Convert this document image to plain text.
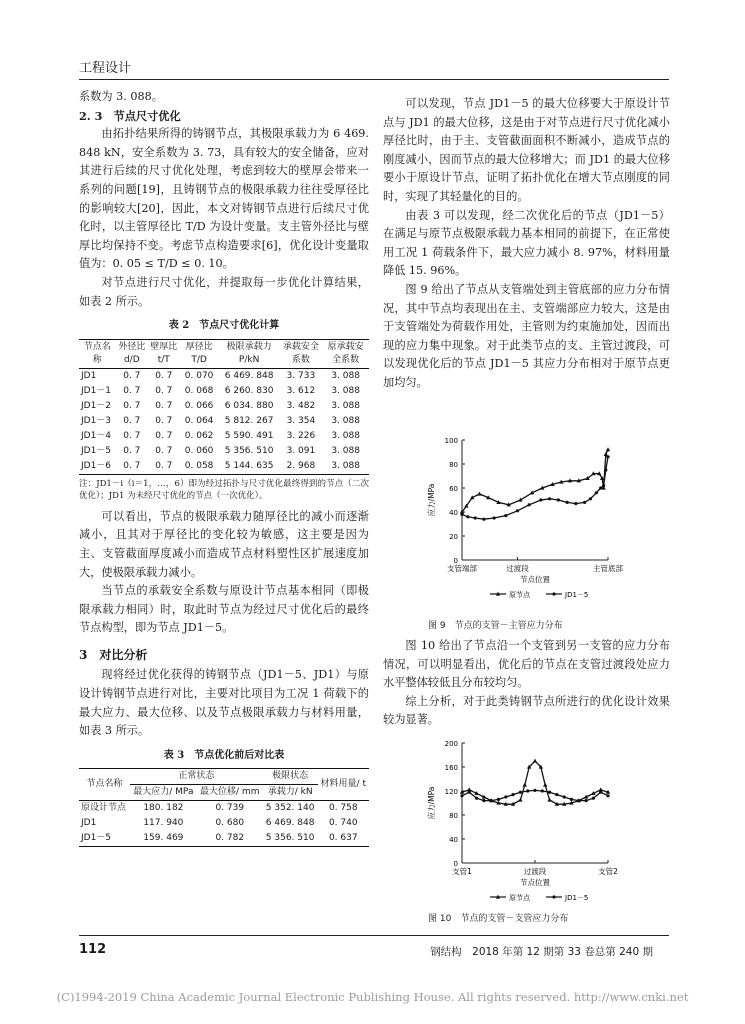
工程设计

系数为 3. 088。

2. 3　节点尺寸优化

由拓扑结果所得的铸钢节点，其极限承载力为 6 469. 848 kN，安全系数为 3. 73，具有较大的安全储备，应对其进行后续的尺寸优化处理，考虑到较大的壁厚会带来一系列的问题[19]，且铸钢节点的极限承载力往往受厚径比的影响较大[20]，因此，本文对铸钢节点进行后续尺寸优化时，以主管厚径比 T/D 为设计变量。支主管外径比与壁厚比均保持不变。考虑节点构造要求[6]，优化设计变量取值为：0. 05 ≤ T/D ≤ 0. 10。

对节点进行尺寸优化，并提取每一步优化计算结果，如表 2 所示。

表 2　节点尺寸优化计算

节点名称	外径比 d/D	壁厚比 t/T	厚径比 T/D	极限承载力 P/kN	承载安全系数	原承载安全系数
JD1	0. 7	0. 7	0. 070	6 469. 848	3. 733	3. 088
JD1－1	0. 7	0. 7	0. 068	6 260. 830	3. 612	3. 088
JD1－2	0. 7	0. 7	0. 066	6 034. 880	3. 482	3. 088
JD1－3	0. 7	0. 7	0. 064	5 812. 267	3. 354	3. 088
JD1－4	0. 7	0. 7	0. 062	5 590. 491	3. 226	3. 088
JD1－5	0. 7	0. 7	0. 060	5 356. 510	3. 091	3. 088
JD1－6	0. 7	0. 7	0. 058	5 144. 635	2. 968	3. 088

注：JD1－i（i＝1，…，6）即为经过拓扑与尺寸优化最终得到的节点（二次优化）；JD1 为未经尺寸优化的节点（一次优化）。

可以看出，节点的极限承载力随厚径比的减小而逐渐减小，且其对于厚径比的变化较为敏感，这主要是因为主、支管截面厚度减小而造成节点材料塑性区扩展速度加大，使极限承载力减小。

当节点的承载安全系数与原设计节点基本相同（即极限承载力相同）时，取此时节点为经过尺寸优化后的最终节点构型，即为节点 JD1－5。

3　对比分析

现将经过优化获得的铸钢节点（JD1－5、JD1）与原设计铸钢节点进行对比，主要对比项目为工况 1 荷载下的最大应力、最大位移、以及节点极限承载力与材料用量，如表 3 所示。

表 3　节点优化前后对比表

节点名称	正常状态		极限状态	材料用量/ t
	最大应力/ MPa	最大位移/ mm	承载力/ kN	
原设计节点	180. 182	0. 739	5 352. 140	0. 758
JD1	117. 940	0. 680	6 469. 848	0. 740
JD1－5	159. 469	0. 782	5 356. 510	0. 637

可以发现，节点 JD1－5 的最大位移要大于原设计节点与 JD1 的最大位移，这是由于对节点进行尺寸优化减小厚径比时，由于主、支管截面面积不断减小，造成节点的刚度减小，因而节点的最大位移增大；而 JD1 的最大位移要小于原设计节点，证明了拓扑优化在增大节点刚度的同时，实现了其轻量化的目的。

由表 3 可以发现，经二次优化后的节点（JD1－5）在满足与原节点极限承载力基本相同的前提下，在正常使用工况 1 荷载条件下，最大应力减小 8. 97%，材料用量降低 15. 96%。

图 9 给出了节点从支管端处到主管底部的应力分布情况，其中节点均表现出在主、支管端部应力较大，这是由于支管端处为荷载作用处，主管则为约束施加处，因而出现的应力集中现象。对于此类节点的支、主管过渡段，可以发现优化后的节点 JD1－5 其应力分布相对于原节点更加均匀。

0
20
40
60
80
100
支管端部	过渡段	主管底部
节点位置
应力/MPa
原节点	JD1－5
图 9　节点的支管－主管应力分布

图 10 给出了节点沿一个支管到另一支管的应力分布情况，可以明显看出，优化后的节点在支管过渡段处应力水平整体较低且分布较均匀。

综上分析，对于此类铸钢节点所进行的优化设计效果较为显著。

0
40
80
120
160
200
支管1	过渡段	支管2
节点位置
应力/MPa
原节点	JD1－5
图 10　节点的支管－支管应力分布
112	钢结构　2018 年第 12 期第 33 卷总第 240 期
(C)1994-2019 China Academic Journal Electronic Publishing House. All rights reserved. http://www.cnki.net
